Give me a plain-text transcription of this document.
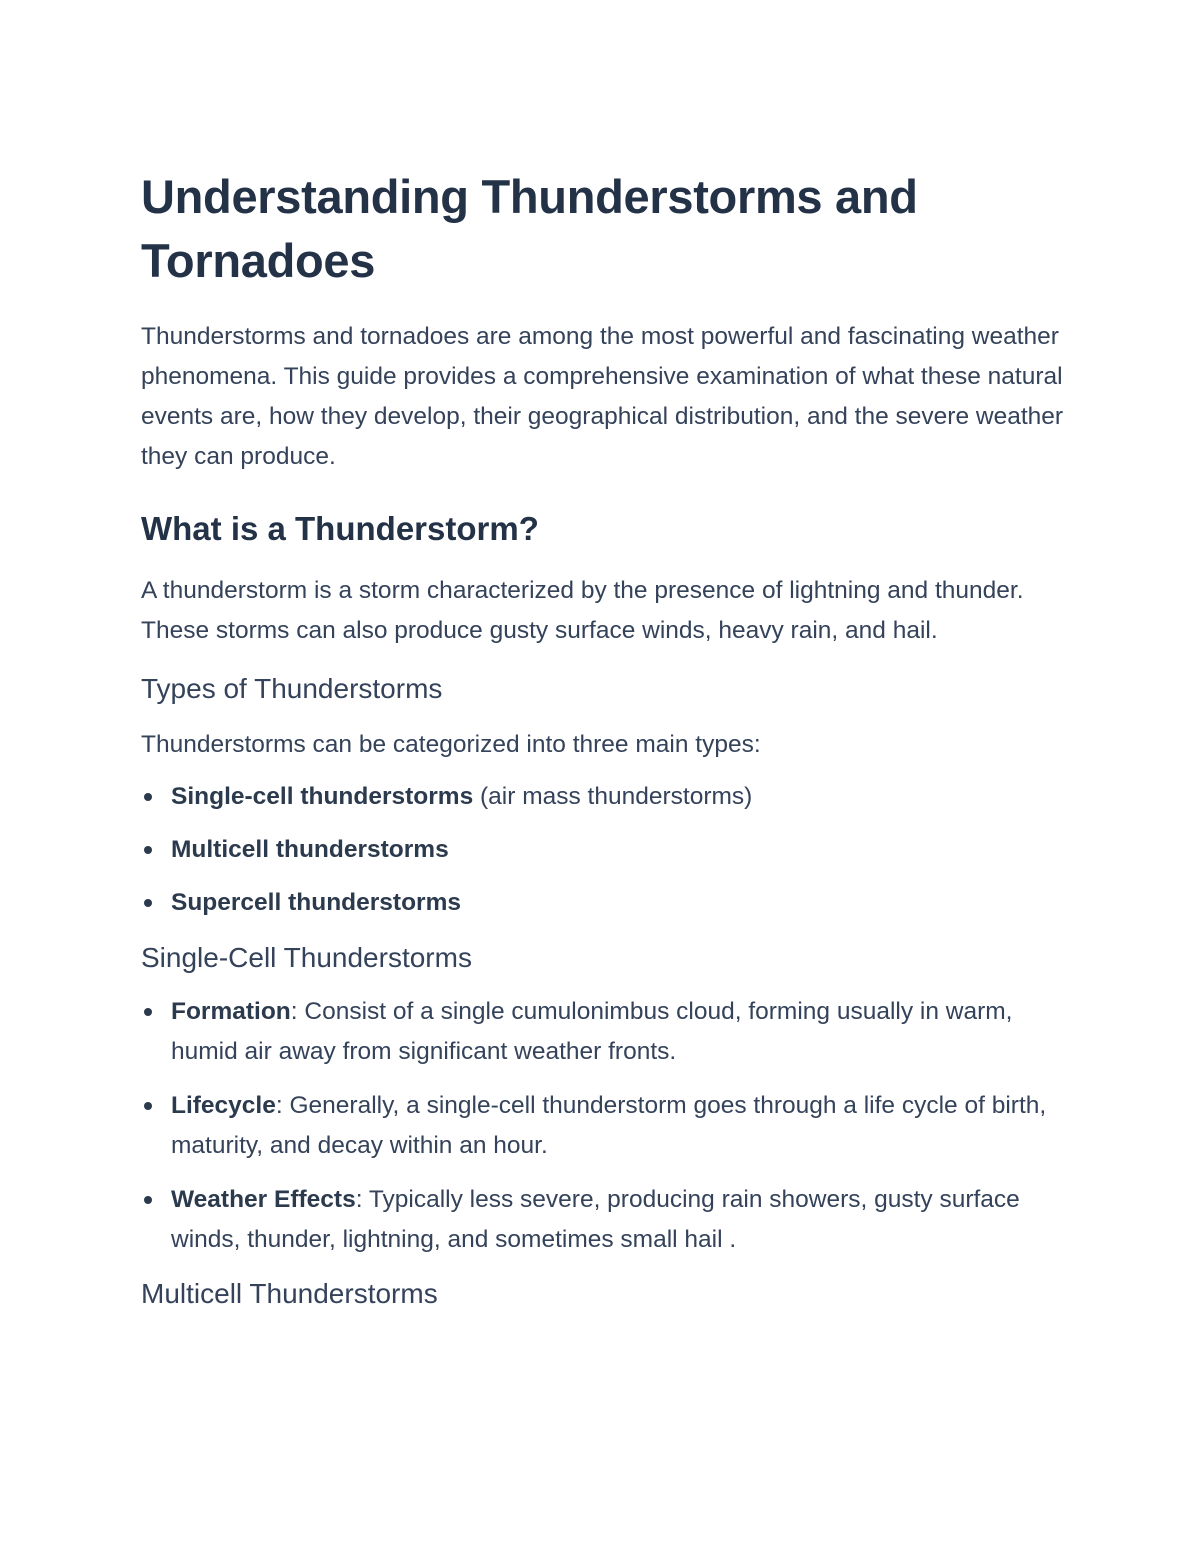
Understanding Thunderstorms and Tornadoes

Thunderstorms and tornadoes are among the most powerful and fascinating weather phenomena. This guide provides a comprehensive examination of what these natural events are, how they develop, their geographical distribution, and the severe weather they can produce.

What is a Thunderstorm?

A thunderstorm is a storm characterized by the presence of lightning and thunder. These storms can also produce gusty surface winds, heavy rain, and hail.

Types of Thunderstorms

Thunderstorms can be categorized into three main types:

Single-cell thunderstorms (air mass thunderstorms)
Multicell thunderstorms
Supercell thunderstorms
Single-Cell Thunderstorms
Formation: Consist of a single cumulonimbus cloud, forming usually in warm, humid air away from significant weather fronts.
Lifecycle: Generally, a single-cell thunderstorm goes through a life cycle of birth, maturity, and decay within an hour.
Weather Effects: Typically less severe, producing rain showers, gusty surface winds, thunder, lightning, and sometimes small hail .
Multicell Thunderstorms
